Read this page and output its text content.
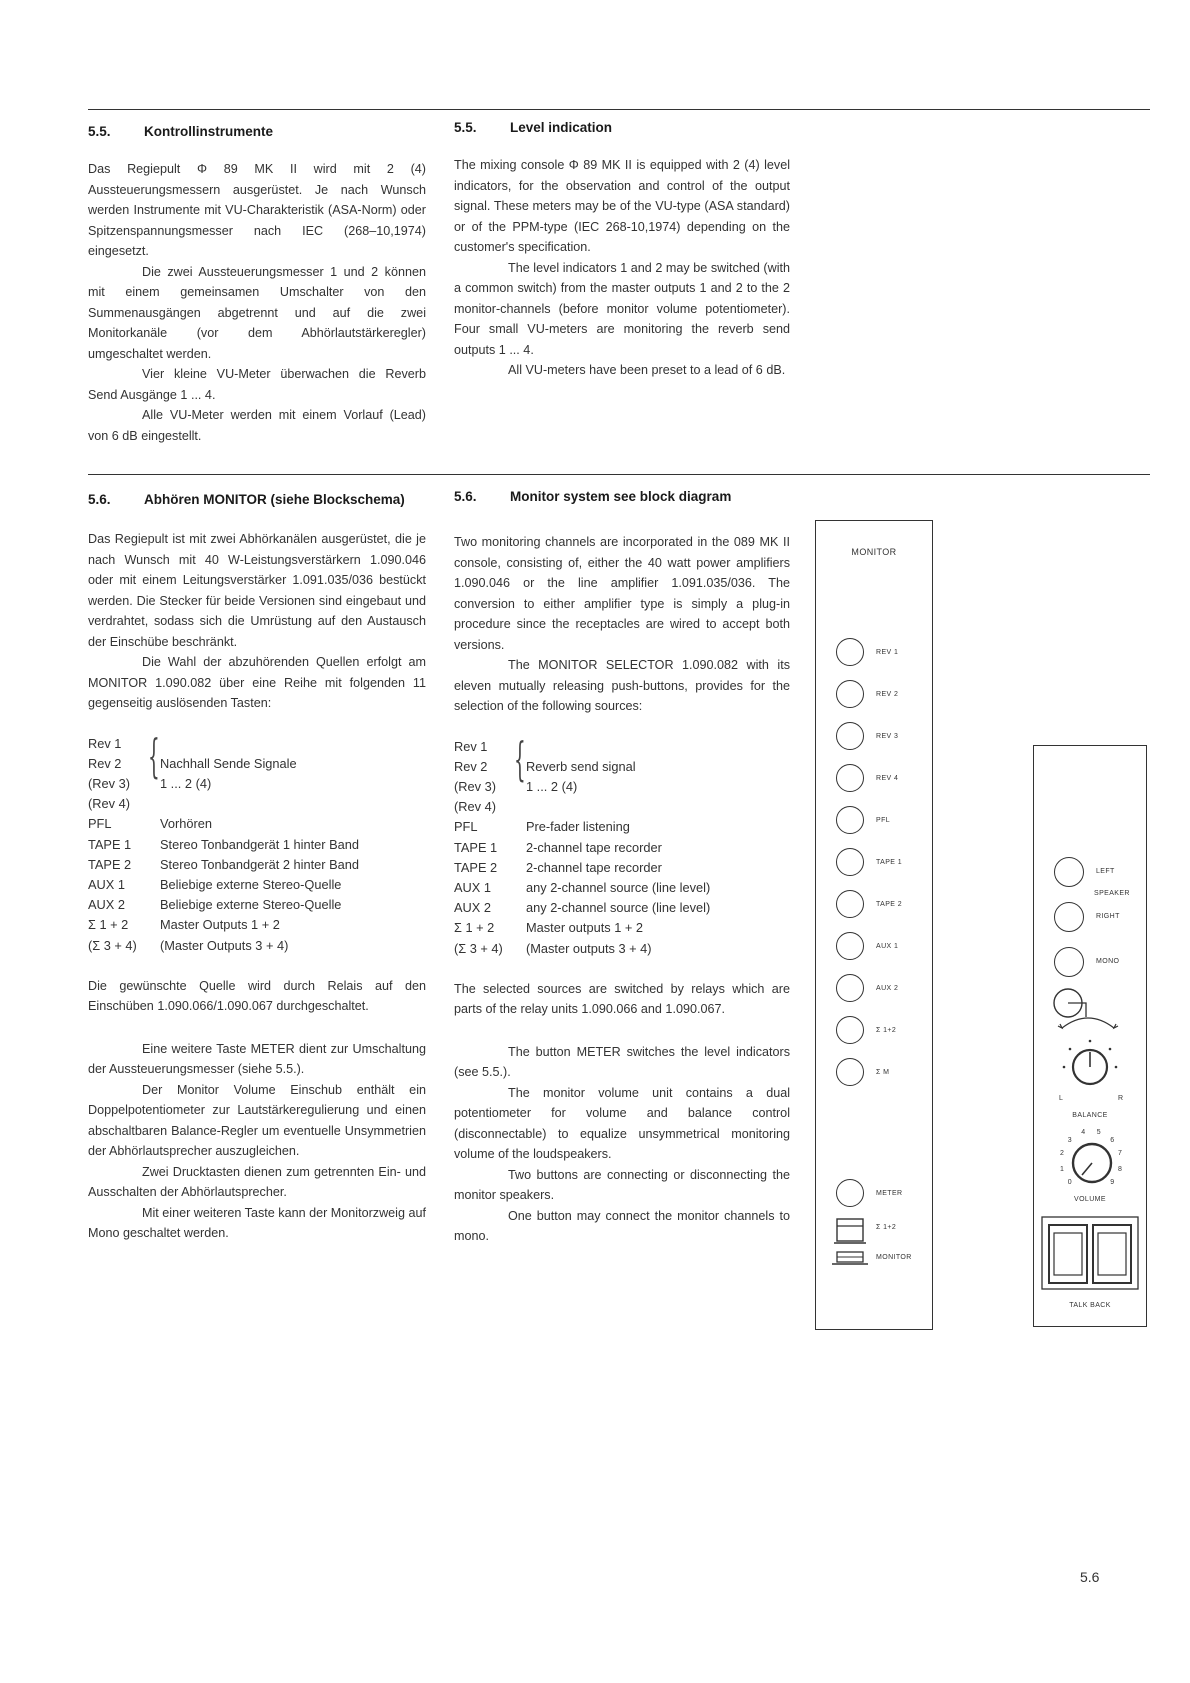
5.5.	Kontrollinstrumente

Das Regiepult Φ 89 MK II wird mit 2 (4) Aussteuerungsmessern ausgerüstet. Je nach Wunsch werden Instrumente mit VU-Charakteristik (ASA-Norm) oder Spitzenspannungsmesser nach IEC (268–10,1974) eingesetzt.

Die zwei Aussteuerungsmesser 1 und 2 können mit einem gemeinsamen Umschalter von den Summenausgängen abgetrennt und auf die zwei Monitorkanäle (vor dem Abhörlautstärkeregler) umgeschaltet werden.

Vier kleine VU-Meter überwachen die Reverb Send Ausgänge 1 ... 4.

Alle VU-Meter werden mit einem Vorlauf (Lead) von 6 dB eingestellt.

5.5.	Level indication

The mixing console Φ 89 MK II is equipped with 2 (4) level indicators, for the observation and control of the output signal. These meters may be of the VU-type (ASA standard) or of the PPM-type (IEC 268-10,1974) depending on the customer's specification.

The level indicators 1 and 2 may be switched (with a common switch) from the master outputs 1 and 2 to the 2 monitor-channels (before monitor volume potentiometer). Four small VU-meters are monitoring the reverb send outputs 1 ... 4.

All VU-meters have been preset to a lead of 6 dB.

5.6.	Abhören MONITOR (siehe Blockschema)

Das Regiepult ist mit zwei Abhörkanälen ausgerüstet, die je nach Wunsch mit 40 W-Leistungsverstärkern 1.090.046 oder mit einem Leitungsverstärker 1.091.035/036 bestückt werden. Die Stecker für beide Versionen sind eingebaut und verdrahtet, sodass sich die Umrüstung auf den Austausch der Einschübe beschränkt.

Die Wahl der abzuhörenden Quellen erfolgt am MONITOR 1.090.082 über eine Reihe mit folgenden 11 gegenseitig auslösenden Tasten:

{
Rev 1
Rev 2	Nachhall Sende Signale
(Rev 3)	1 ... 2 (4)
(Rev 4)
PFL	Vorhören
TAPE 1	Stereo Tonbandgerät 1 hinter Band
TAPE 2	Stereo Tonbandgerät 2 hinter Band
AUX 1	Beliebige externe Stereo-Quelle
AUX 2	Beliebige externe Stereo-Quelle
Σ 1 + 2	Master Outputs 1 + 2
(Σ 3 + 4)	(Master Outputs 3 + 4)

Die gewünschte Quelle wird durch Relais auf den Einschüben 1.090.066/1.090.067 durchgeschaltet.

Eine weitere Taste METER dient zur Umschaltung der Aussteuerungsmesser (siehe 5.5.).

Der Monitor Volume Einschub enthält ein Doppelpotentiometer zur Lautstärkeregulierung und einen abschaltbaren Balance-Regler um eventuelle Unsymmetrien der Abhörlautsprecher auszugleichen.

Zwei Drucktasten dienen zum getrennten Ein- und Ausschalten der Abhörlautsprecher.

Mit einer weiteren Taste kann der Monitorzweig auf Mono geschaltet werden.

5.6.	Monitor system see block diagram

Two monitoring channels are incorporated in the 089 MK II console, consisting of, either the 40 watt power amplifiers 1.090.046 or the line amplifier 1.091.035/036. The conversion to either amplifier type is simply a plug-in procedure since the receptacles are wired to accept both versions.

The MONITOR SELECTOR 1.090.082 with its eleven mutually releasing push-buttons, provides for the selection of the following sources:

{
Rev 1
Rev 2	Reverb send signal
(Rev 3)	1 ... 2 (4)
(Rev 4)
PFL	Pre-fader listening
TAPE 1	2-channel tape recorder
TAPE 2	2-channel tape recorder
AUX 1	any 2-channel source (line level)
AUX 2	any 2-channel source (line level)
Σ 1 + 2	Master outputs 1 + 2
(Σ 3 + 4)	(Master outputs 3 + 4)

The selected sources are switched by relays which are parts of the relay units 1.090.066 and 1.090.067.

The button METER switches the level indicators (see 5.5.).

The monitor volume unit contains a dual potentiometer for volume and balance control (disconnectable) to equalize unsymmetrical monitoring volume of the loudspeakers.

Two buttons are connecting or disconnecting the monitor speakers.

One button may connect the monitor channels to mono.

MONITOR
REV 1
REV 2
REV 3
REV 4
PFL
TAPE 1
TAPE 2
AUX 1
AUX 2
Σ 1+2
Σ M
METER
Σ 1+2
MONITOR
LEFT
SPEAKER
RIGHT
MONO
L	R
BALANCE
0
1
2
3
4 5
6
7
8
9
VOLUME
TALK BACK
5.6
